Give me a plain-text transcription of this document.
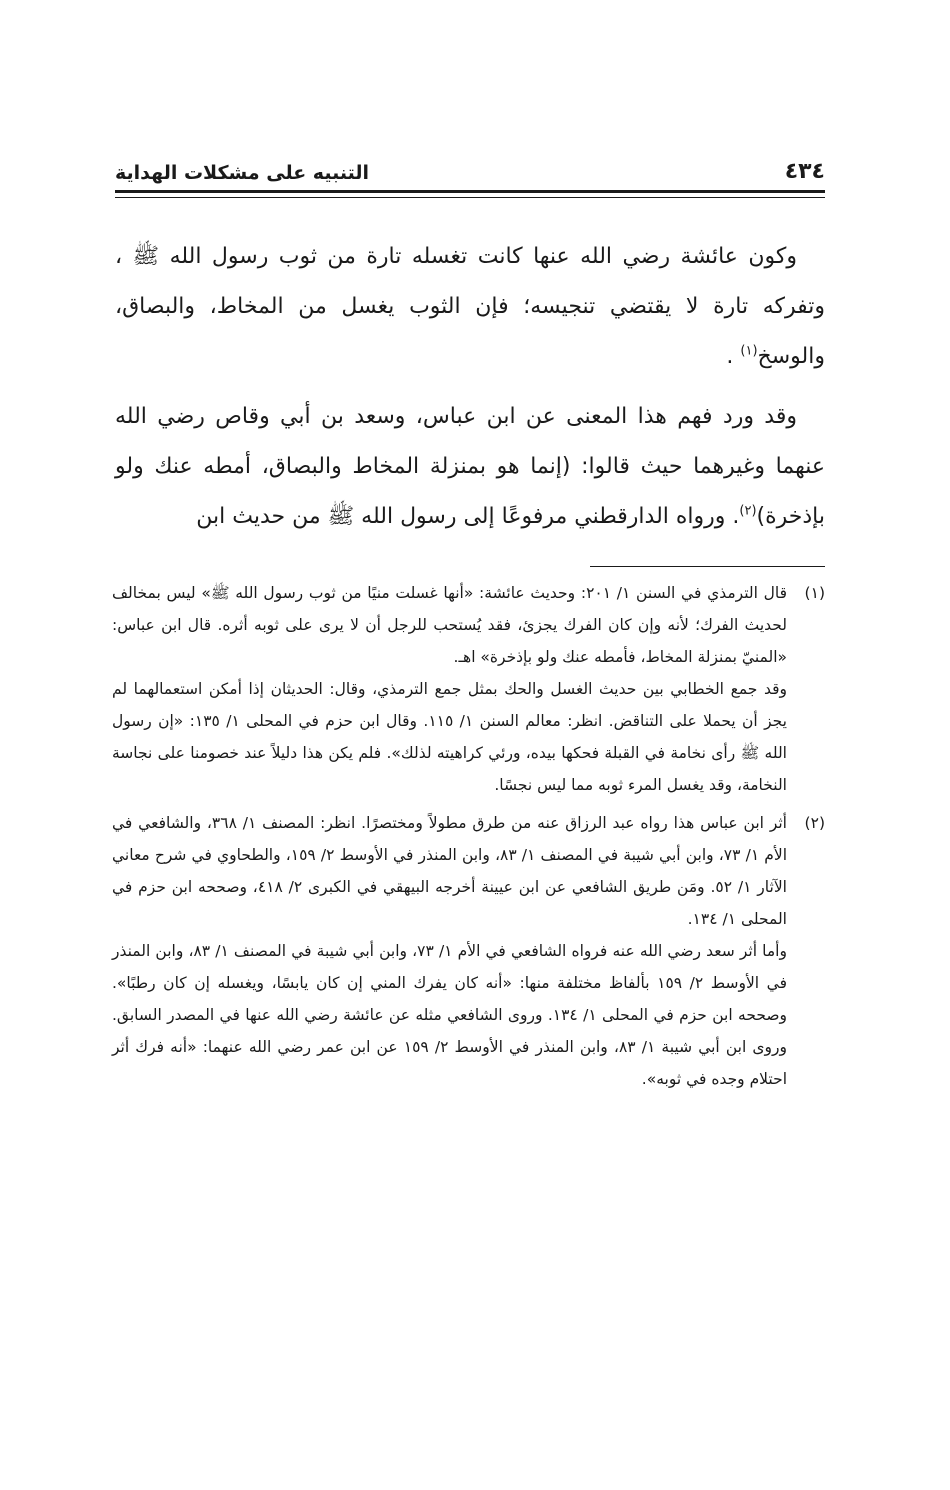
٤٣٤
التنبيه على مشكلات الهداية

وكون عائشة رضي الله عنها كانت تغسله تارة من ثوب رسول الله ﷺ ، وتفركه تارة لا يقتضي تنجيسه؛ فإن الثوب يغسل من المخاط، والبصاق، والوسخ$^{(١)}$ .

وقد ورد فهم هذا المعنى عن ابن عباس، وسعد بن أبي وقاص رضي الله عنهما وغيرهما حيث قالوا: (إنما هو بمنزلة المخاط والبصاق، أمطه عنك ولو بإذخرة)$^{(٢)}$. ورواه الدارقطني مرفوعًا إلى رسول الله ﷺ من حديث ابن

(١)

قال الترمذي في السنن ١/ ٢٠١: وحديث عائشة: «أنها غسلت منيًا من ثوب رسول الله ﷺ» ليس بمخالف لحديث الفرك؛ لأنه وإن كان الفرك يجزئ، فقد يُستحب للرجل أن لا يرى على ثوبه أثره. قال ابن عباس: «المنيّ بمنزلة المخاط، فأمطه عنك ولو بإذخرة» اهـ.

وقد جمع الخطابي بين حديث الغسل والحك بمثل جمع الترمذي، وقال: الحديثان إذا أمكن استعمالهما لم يجز أن يحملا على التناقض. انظر: معالم السنن ١/ ١١٥. وقال ابن حزم في المحلى ١/ ١٣٥: «إن رسول الله ﷺ رأى نخامة في القبلة فحكها بيده، ورئي كراهيته لذلك». فلم يكن هذا دليلاً عند خصومنا على نجاسة النخامة، وقد يغسل المرء ثوبه مما ليس نجسًا.

(٢)

أثر ابن عباس هذا رواه عبد الرزاق عنه من طرق مطولاً ومختصرًا. انظر: المصنف ١/ ٣٦٨، والشافعي في الأم ١/ ٧٣، وابن أبي شيبة في المصنف ١/ ٨٣، وابن المنذر في الأوسط ٢/ ١٥٩، والطحاوي في شرح معاني الآثار ١/ ٥٢. ومَن طريق الشافعي عن ابن عيينة أخرجه البيهقي في الكبرى ٢/ ٤١٨، وصححه ابن حزم في المحلى ١/ ١٣٤.

وأما أثر سعد رضي الله عنه فرواه الشافعي في الأم ١/ ٧٣، وابن أبي شيبة في المصنف ١/ ٨٣، وابن المنذر في الأوسط ٢/ ١٥٩ بألفاظ مختلفة منها: «أنه كان يفرك المني إن كان يابسًا، ويغسله إن كان رطبًا». وصححه ابن حزم في المحلى ١/ ١٣٤. وروى الشافعي مثله عن عائشة رضي الله عنها في المصدر السابق. وروى ابن أبي شيبة ١/ ٨٣، وابن المنذر في الأوسط ٢/ ١٥٩ عن ابن عمر رضي الله عنهما: «أنه فرك أثر احتلام وجده في ثوبه».
